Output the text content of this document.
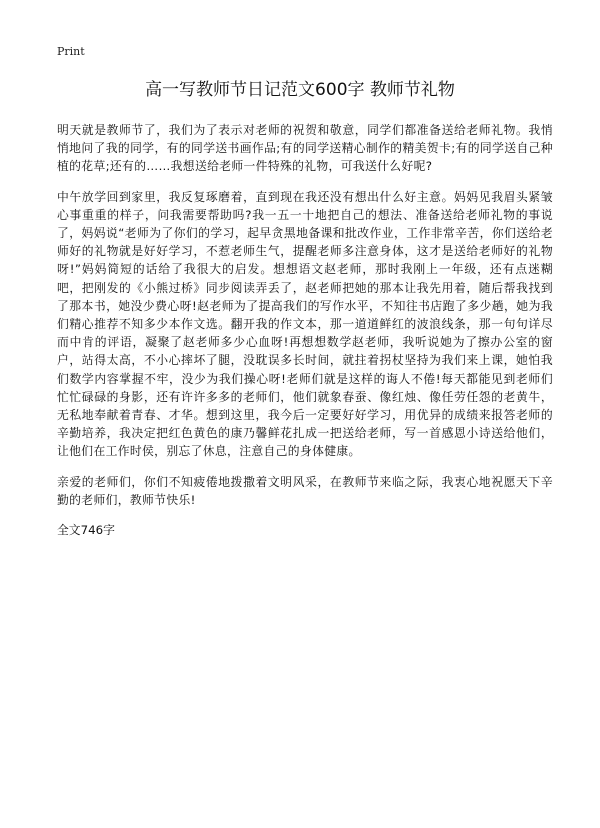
Print
高一写教师节日记范文600字 教师节礼物

明天就是教师节了，我们为了表示对老师的祝贺和敬意，同学们都准备送给老师礼物。我悄悄地问了我的同学，有的同学送书画作品;有的同学送精心制作的精美贺卡;有的同学送自己种植的花草;还有的……我想送给老师一件特殊的礼物，可我送什么好呢?

中午放学回到家里，我反复琢磨着，直到现在我还没有想出什么好主意。妈妈见我眉头紧皱心事重重的样子，问我需要帮助吗?我一五一十地把自己的想法、准备送给老师礼物的事说了，妈妈说“老师为了你们的学习，起早贪黑地备课和批改作业，工作非常辛苦，你们送给老师好的礼物就是好好学习，不惹老师生气，提醒老师多注意身体，这才是送给老师好的礼物呀!”妈妈简短的话给了我很大的启发。想想语文赵老师，那时我刚上一年级，还有点迷糊吧，把刚发的《小熊过桥》同步阅读弄丢了，赵老师把她的那本让我先用着，随后帮我找到了那本书，她没少费心呀!赵老师为了提高我们的写作水平，不知往书店跑了多少趟，她为我们精心推荐不知多少本作文选。翻开我的作文本，那一道道鲜红的波浪线条，那一句句详尽而中肯的评语，凝聚了赵老师多少心血呀!再想想数学赵老师，我听说她为了擦办公室的窗户，站得太高，不小心摔坏了腿，没耽误多长时间，就拄着拐杖坚持为我们来上课，她怕我们数学内容掌握不牢，没少为我们操心呀!老师们就是这样的诲人不倦!每天都能见到老师们忙忙碌碌的身影，还有许许多多的老师们，他们就象春蚕、像红烛、像任劳任怨的老黄牛，无私地奉献着青春、才华。想到这里，我今后一定要好好学习，用优异的成绩来报答老师的辛勤培养，我决定把红色黄色的康乃馨鲜花扎成一把送给老师，写一首感恩小诗送给他们，让他们在工作时侯，别忘了休息，注意自己的身体健康。

亲爱的老师们，你们不知疲倦地拨撒着文明风采，在教师节来临之际，我衷心地祝愿天下辛勤的老师们，教师节快乐!

全文746字
